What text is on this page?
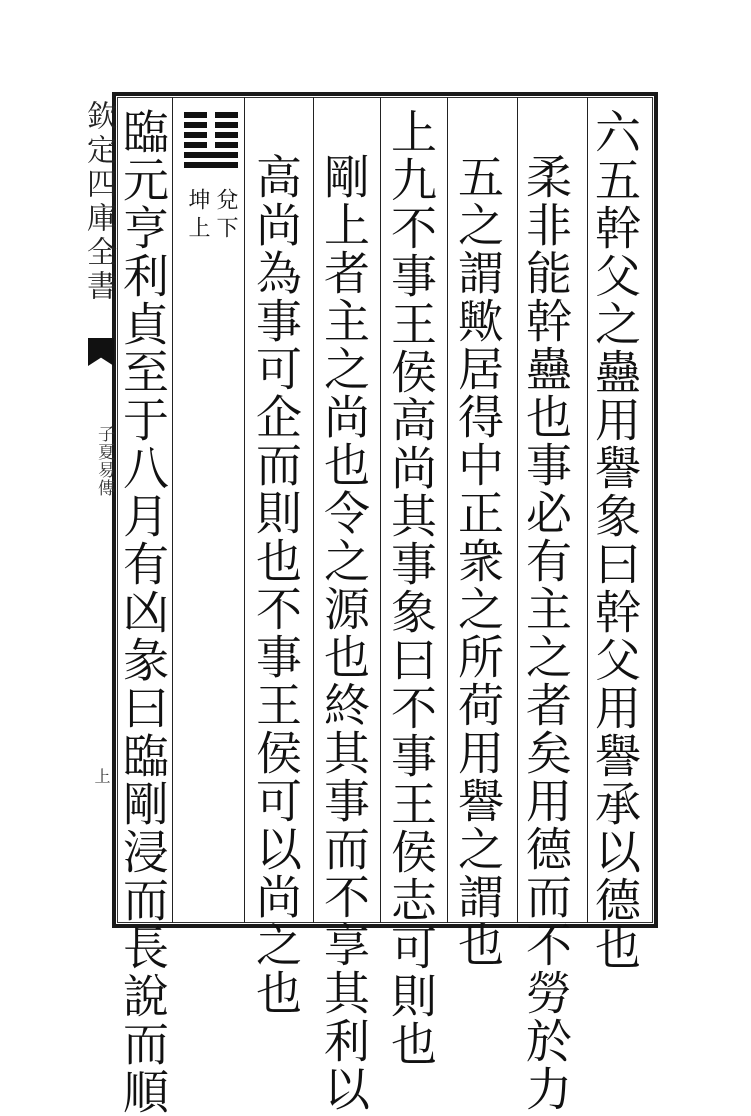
欽定四庫全書
子夏易傳
上	六五幹父之蠱用譽象曰幹父用譽承以德也
柔非能幹蠱也事必有主之者矣用德而不勞於力
五之謂歟居得中正衆之所荷用譽之謂也
上九不事王侯高尚其事象曰不事王侯志可則也
剛上者主之尚也令之源也終其事而不享其利以
高尚為事可企而則也不事王侯可以尚之也
臨元亨利貞至于八月有凶彖曰臨剛浸而長說而順 兌下
坤上
